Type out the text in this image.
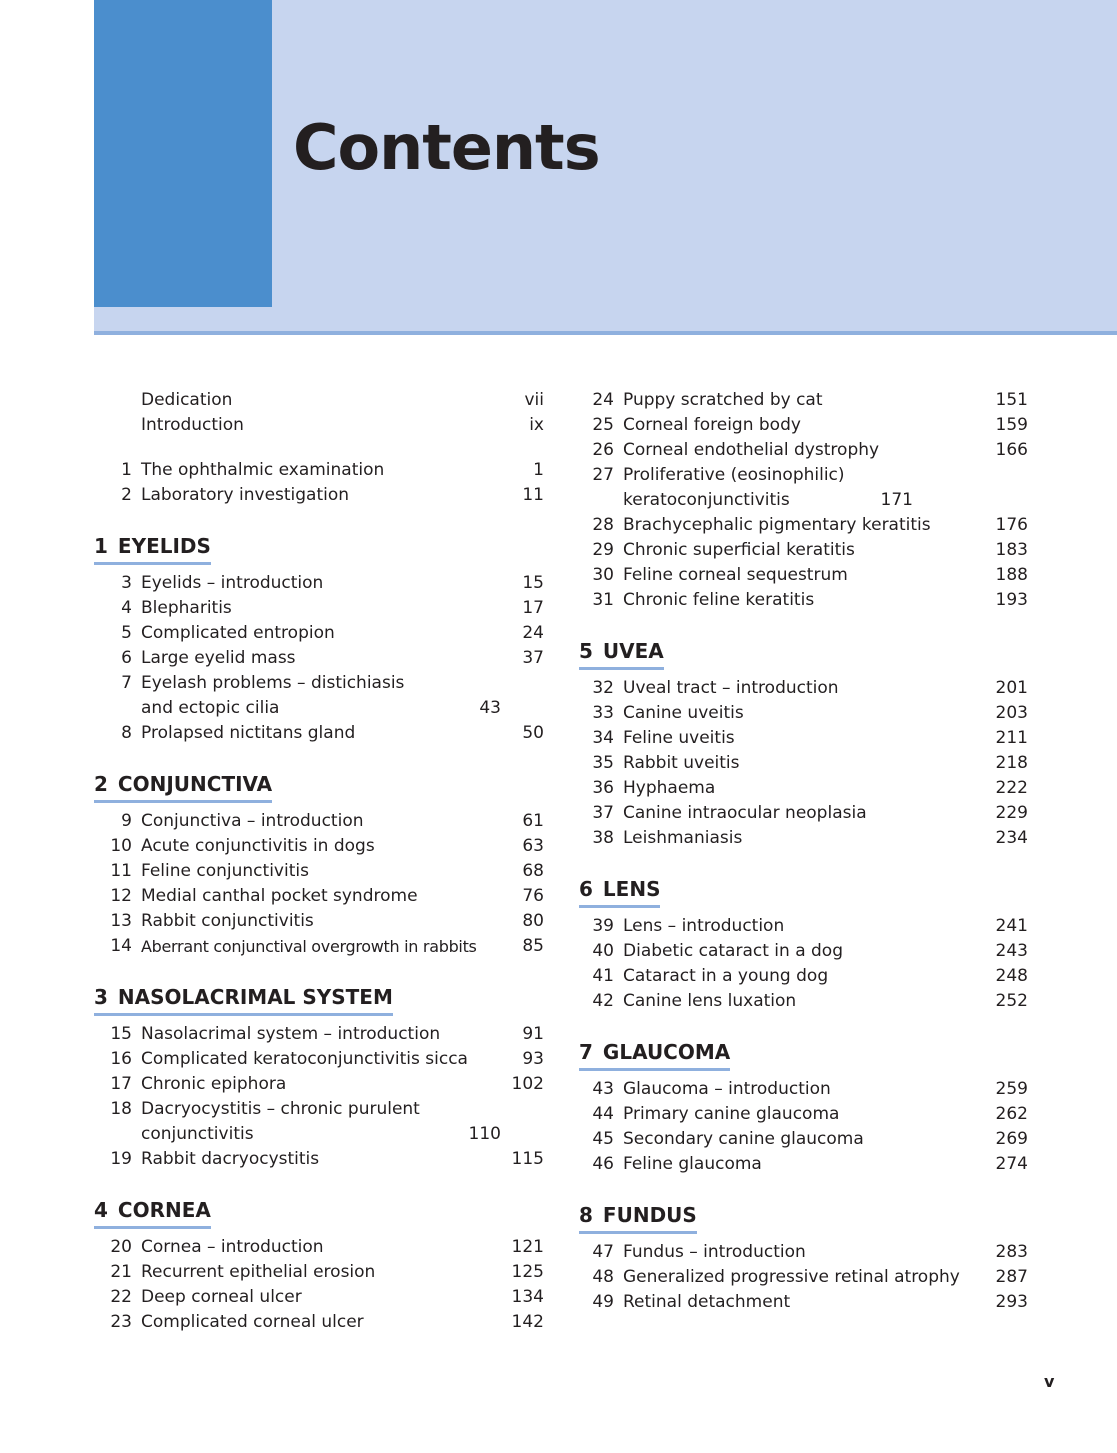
Contents
Dedication	vii
Introduction	ix
1 The ophthalmic examination	1
2 Laboratory investigation	11
1 EYELIDS
3 Eyelids – introduction	15
4 Blepharitis	17
5 Complicated entropion	24
6 Large eyelid mass	37
7 Eyelash problems – distichiasis and ectopic cilia	43
8 Prolapsed nictitans gland	50
2 CONJUNCTIVA
9 Conjunctiva – introduction	61
10 Acute conjunctivitis in dogs	63
11 Feline conjunctivitis	68
12 Medial canthal pocket syndrome	76
13 Rabbit conjunctivitis	80
14 Aberrant conjunctival overgrowth in rabbits	85
3 NASOLACRIMAL SYSTEM
15 Nasolacrimal system – introduction	91
16 Complicated keratoconjunctivitis sicca	93
17 Chronic epiphora	102
18 Dacryocystitis – chronic purulent conjunctivitis	110
19 Rabbit dacryocystitis	115
4 CORNEA
20 Cornea – introduction	121
21 Recurrent epithelial erosion	125
22 Deep corneal ulcer	134
23 Complicated corneal ulcer	142
24 Puppy scratched by cat	151
25 Corneal foreign body	159
26 Corneal endothelial dystrophy	166
27 Proliferative (eosinophilic) keratoconjunctivitis	171
28 Brachycephalic pigmentary keratitis	176
29 Chronic superficial keratitis	183
30 Feline corneal sequestrum	188
31 Chronic feline keratitis	193
5 UVEA
32 Uveal tract – introduction	201
33 Canine uveitis	203
34 Feline uveitis	211
35 Rabbit uveitis	218
36 Hyphaema	222
37 Canine intraocular neoplasia	229
38 Leishmaniasis	234
6 LENS
39 Lens – introduction	241
40 Diabetic cataract in a dog	243
41 Cataract in a young dog	248
42 Canine lens luxation	252
7 GLAUCOMA
43 Glaucoma – introduction	259
44 Primary canine glaucoma	262
45 Secondary canine glaucoma	269
46 Feline glaucoma	274
8 FUNDUS
47 Fundus – introduction	283
48 Generalized progressive retinal atrophy	287
49 Retinal detachment	293
v
